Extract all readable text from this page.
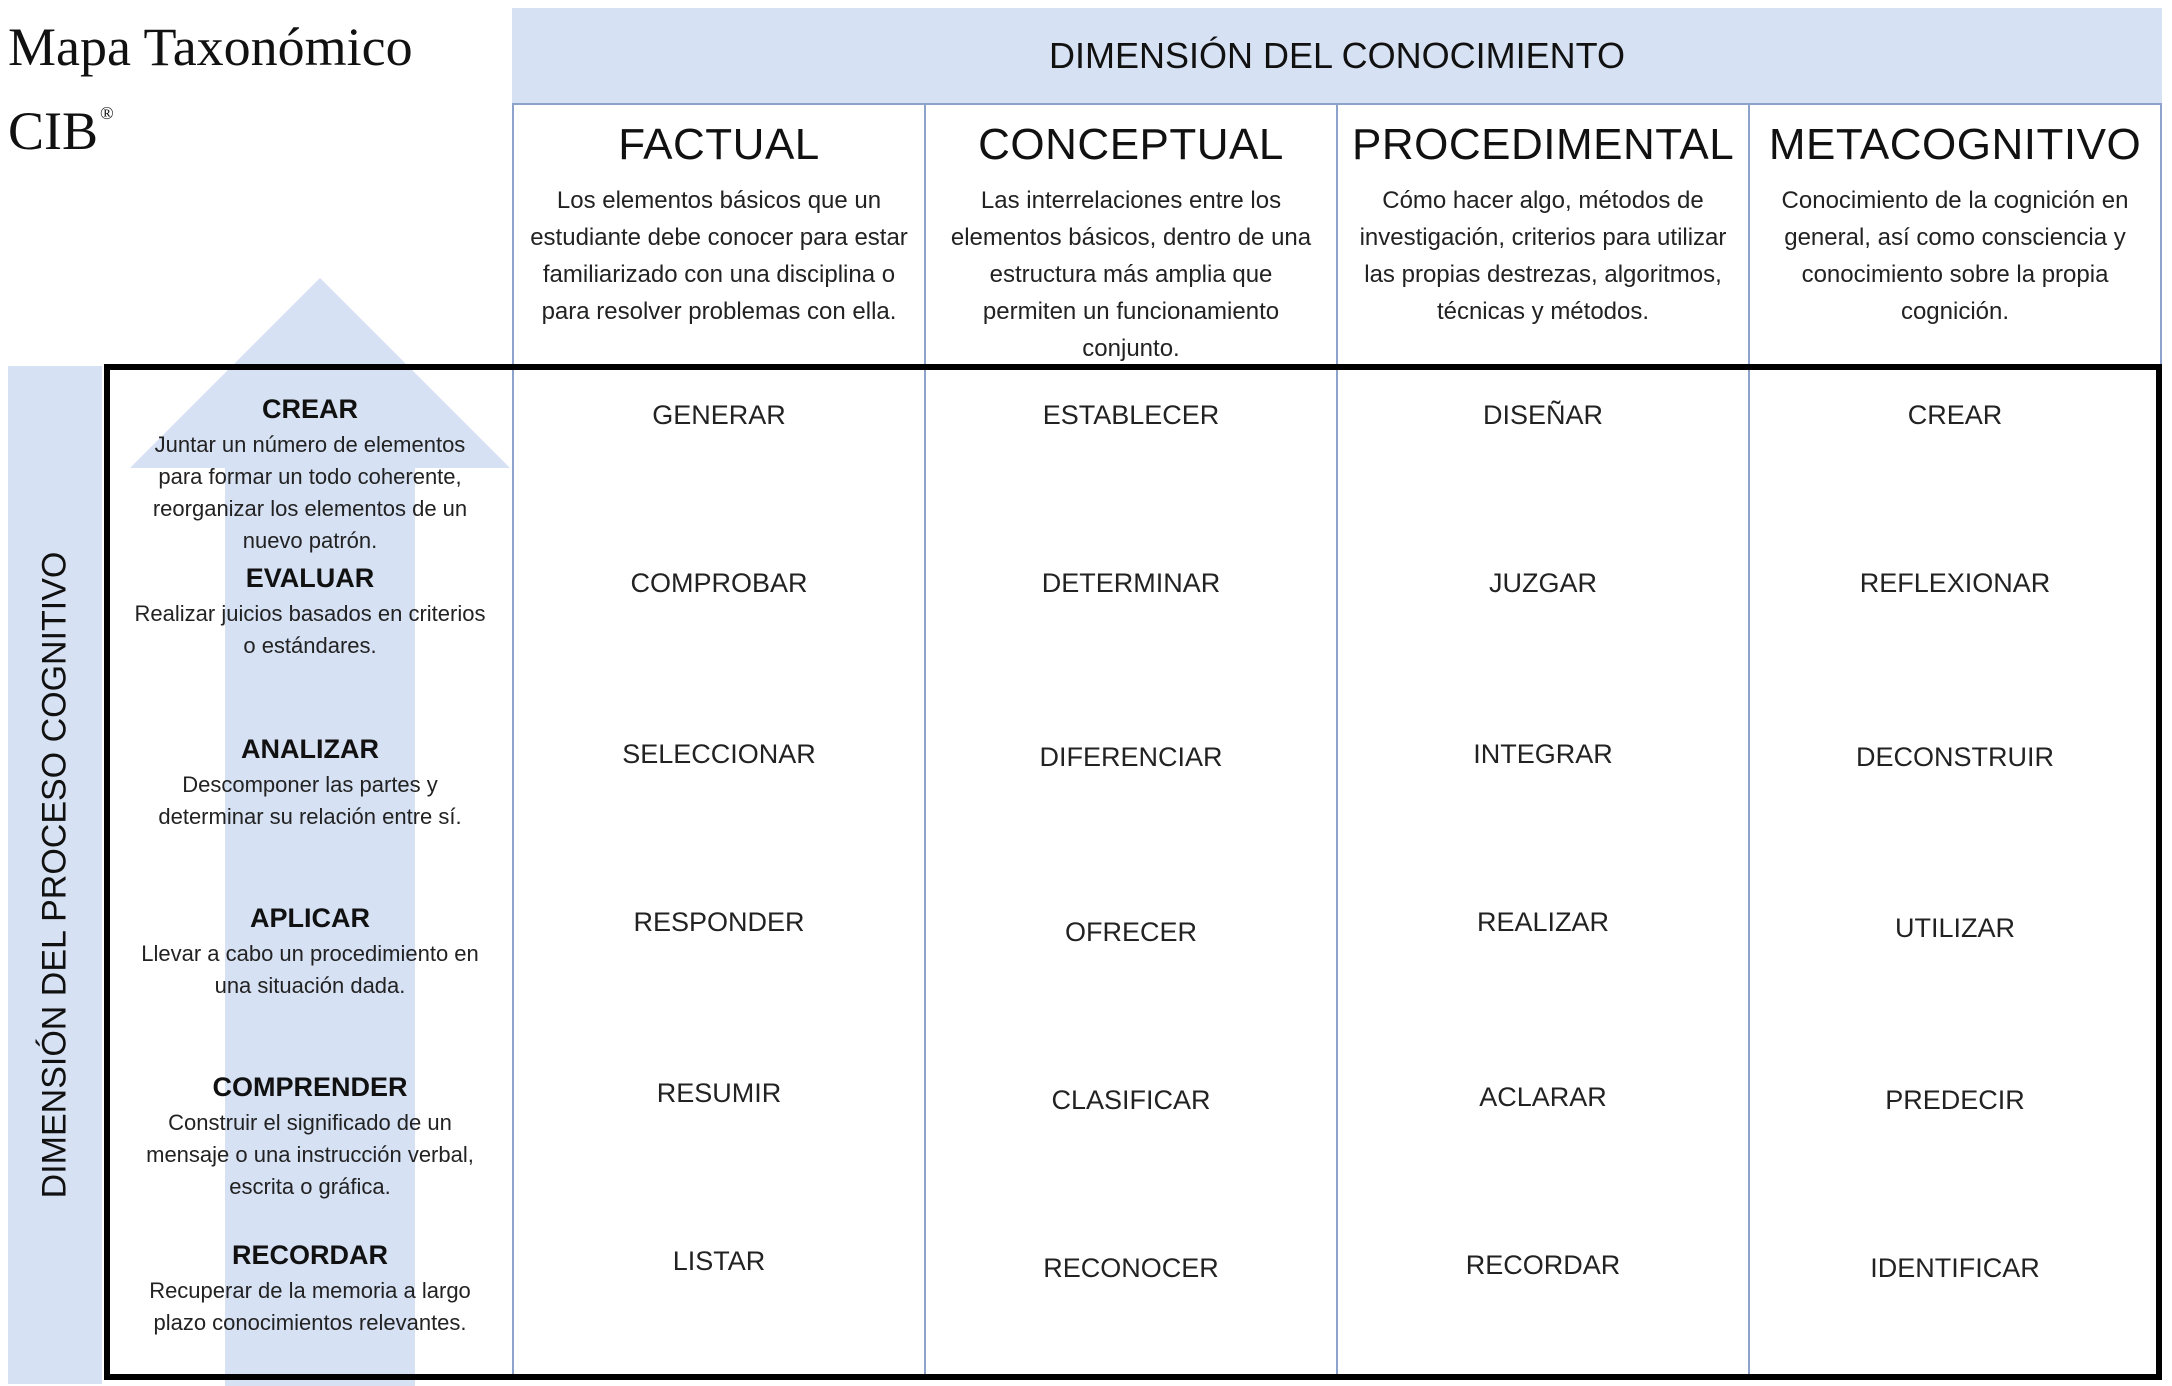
Mapa Taxonómico
CIB ®
DIMENSIÓN DEL CONOCIMIENTO
DIMENSIÓN DEL PROCESO COGNITIVO
FACTUAL
Los elementos básicos que un estudiante debe conocer para estar familiarizado con una disciplina o para resolver problemas con ella.
CONCEPTUAL
Las interrelaciones entre los elementos básicos, dentro de una estructura más amplia que permiten un funcionamiento conjunto.
PROCEDIMENTAL
Cómo hacer algo, métodos de investigación, criterios para utilizar las propias destrezas, algoritmos, técnicas y métodos.
METACOGNITIVO
Conocimiento de la cognición en general, así como consciencia y conocimiento sobre la propia cognición.
CREAR
Juntar un número de elementos para formar un todo coherente, reorganizar los elementos de un nuevo patrón.
EVALUAR
Realizar juicios basados en criterios o estándares.
ANALIZAR
Descomponer las partes y determinar su relación entre sí.
APLICAR
Llevar a cabo un procedimiento en una situación dada.
COMPRENDER
Construir el significado de un mensaje o una instrucción verbal, escrita o gráfica.
RECORDAR
Recuperar de la memoria a largo plazo conocimientos relevantes.
GENERAR	ESTABLECER	DISEÑAR	CREAR
COMPROBAR	DETERMINAR	JUZGAR	REFLEXIONAR
SELECCIONAR	DIFERENCIAR	INTEGRAR	DECONSTRUIR
RESPONDER	OFRECER	REALIZAR	UTILIZAR
RESUMIR	CLASIFICAR	ACLARAR	PREDECIR
LISTAR	RECONOCER	RECORDAR	IDENTIFICAR
